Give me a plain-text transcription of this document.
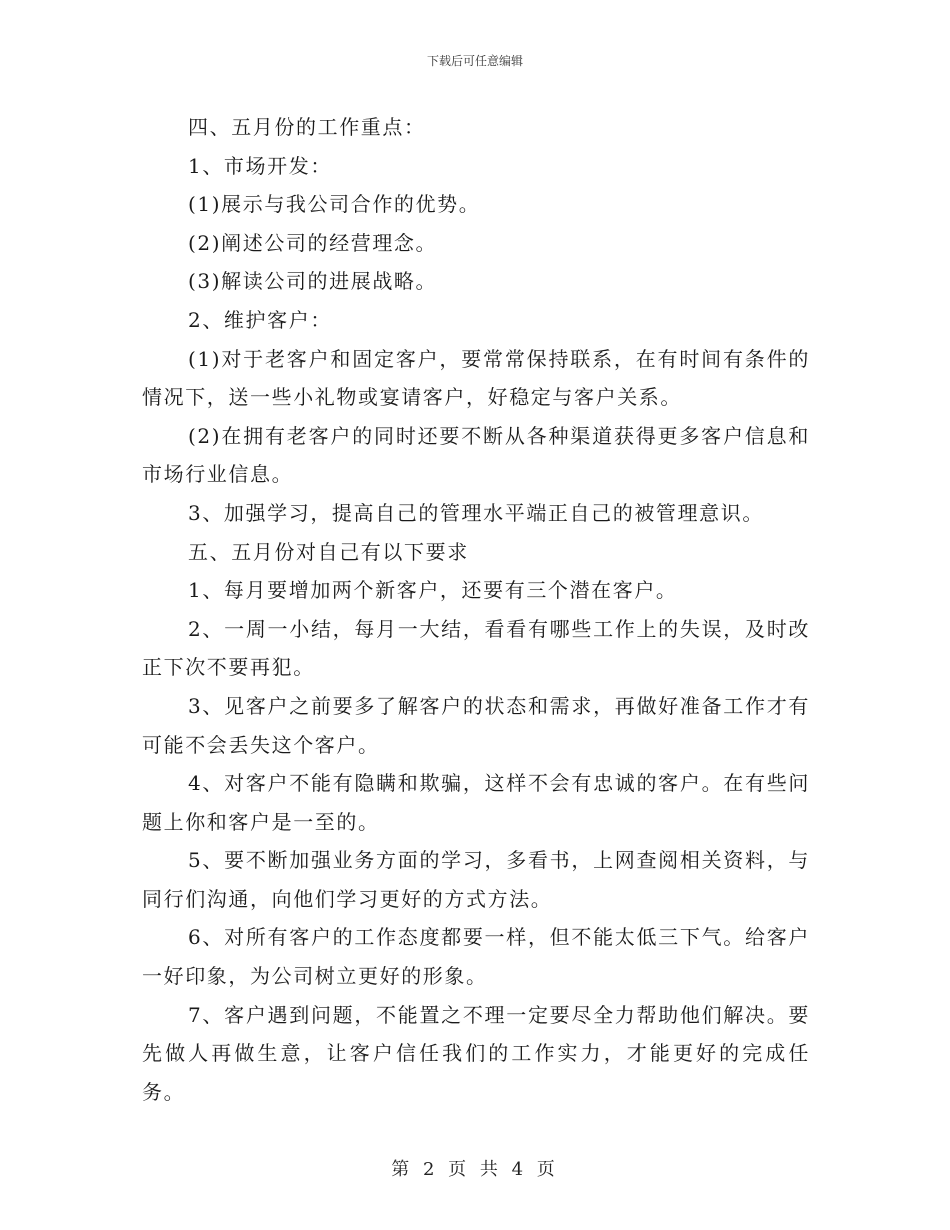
下载后可任意编辑

四、五月份的工作重点：

1、市场开发：

(1)展示与我公司合作的优势。

(2)阐述公司的经营理念。

(3)解读公司的进展战略。

2、维护客户：

(1)对于老客户和固定客户，要常常保持联系，在有时间有条件的情况下，送一些小礼物或宴请客户，好稳定与客户关系。

(2)在拥有老客户的同时还要不断从各种渠道获得更多客户信息和市场行业信息。

3、加强学习，提高自己的管理水平端正自己的被管理意识。

五、五月份对自己有以下要求

1、每月要增加两个新客户，还要有三个潜在客户。

2、一周一小结，每月一大结，看看有哪些工作上的失误，及时改正下次不要再犯。

3、见客户之前要多了解客户的状态和需求，再做好准备工作才有可能不会丢失这个客户。

4、对客户不能有隐瞒和欺骗，这样不会有忠诚的客户。在有些问题上你和客户是一至的。

5、要不断加强业务方面的学习，多看书，上网查阅相关资料，与同行们沟通，向他们学习更好的方式方法。

6、对所有客户的工作态度都要一样，但不能太低三下气。给客户一好印象，为公司树立更好的形象。

7、客户遇到问题，不能置之不理一定要尽全力帮助他们解决。要先做人再做生意，让客户信任我们的工作实力，才能更好的完成任务。

第 2 页 共 4 页
